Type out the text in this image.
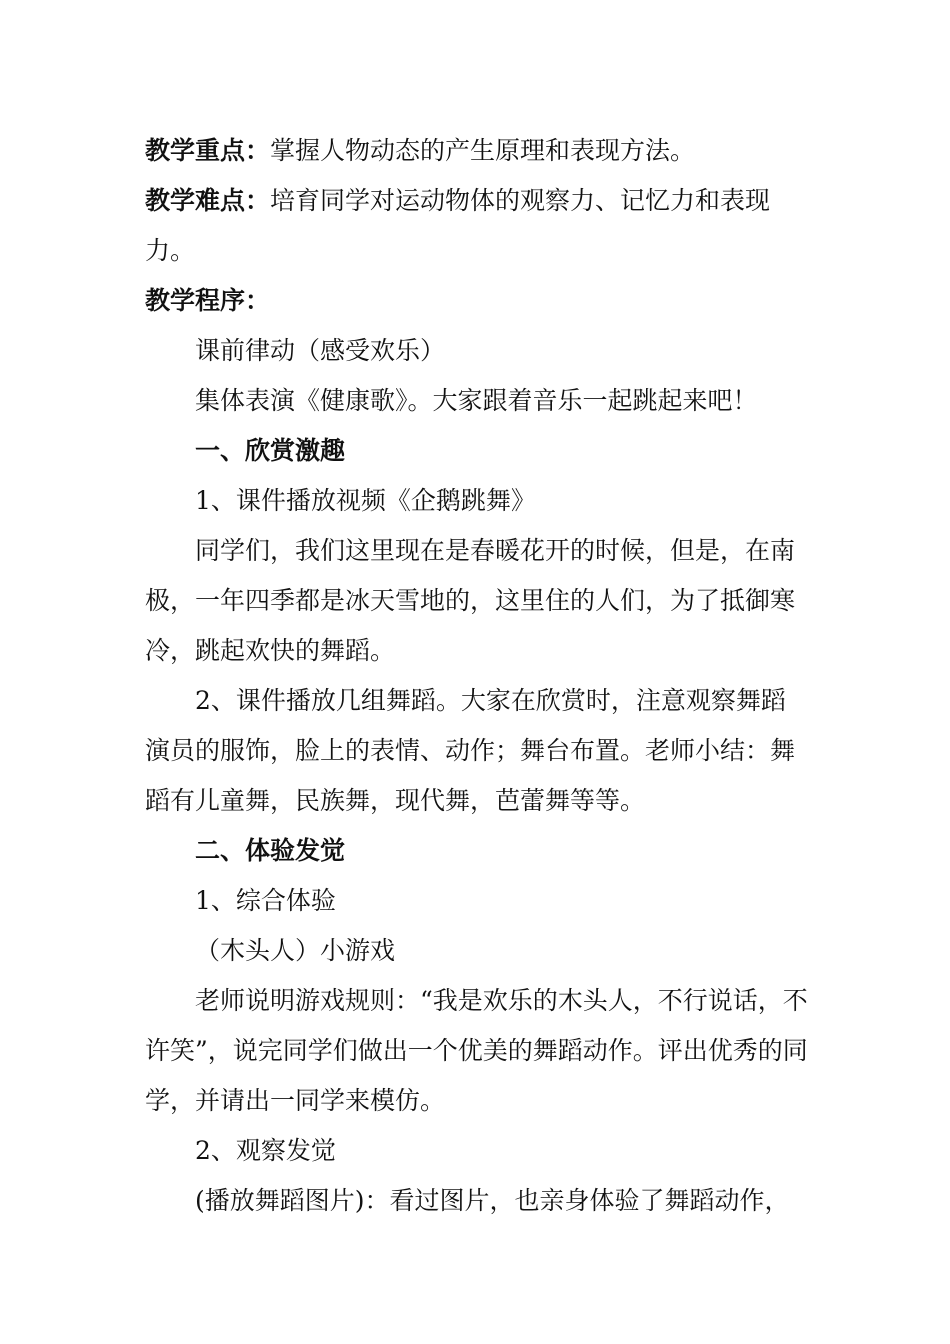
教学重点：掌握人物动态的产生原理和表现方法。

教学难点：培育同学对运动物体的观察力、记忆力和表现力。

教学程序：

课前律动（感受欢乐）

集体表演《健康歌》。大家跟着音乐一起跳起来吧！

一、欣赏激趣

1、课件播放视频《企鹅跳舞》

同学们，我们这里现在是春暖花开的时候，但是，在南极，一年四季都是冰天雪地的，这里住的人们，为了抵御寒冷，跳起欢快的舞蹈。

2、课件播放几组舞蹈。大家在欣赏时，注意观察舞蹈演员的服饰，脸上的表情、动作；舞台布置。老师小结：舞蹈有儿童舞，民族舞，现代舞，芭蕾舞等等。

二、体验发觉

1、综合体验

（木头人）小游戏

老师说明游戏规则：“我是欢乐的木头人，不行说话，不许笑”，说完同学们做出一个优美的舞蹈动作。评出优秀的同学，并请出一同学来模仿。

2、观察发觉

(播放舞蹈图片)：看过图片，也亲身体验了舞蹈动作，
